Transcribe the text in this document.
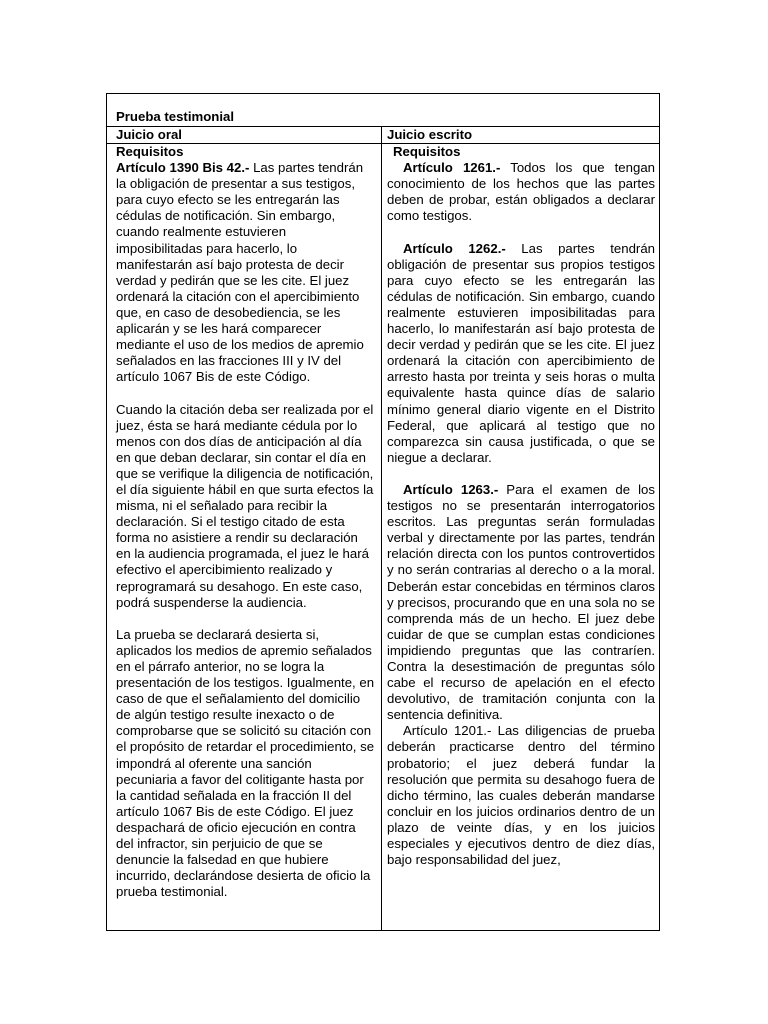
Prueba testimonial
Juicio oral	Juicio escrito

Requisitos

Artículo 1390 Bis 42.- Las partes tendrán la obligación de presentar a sus testigos, para cuyo efecto se les entregarán las cédulas de notificación. Sin embargo, cuando realmente estuvieren imposibilitadas para hacerlo, lo manifestarán así bajo protesta de decir verdad y pedirán que se les cite. El juez ordenará la citación con el apercibimiento que, en caso de desobediencia, se les aplicarán y se les hará comparecer mediante el uso de los medios de apremio señalados en las fracciones III y IV del artículo 1067 Bis de este Código.

Cuando la citación deba ser realizada por el juez, ésta se hará mediante cédula por lo menos con dos días de anticipación al día en que deban declarar, sin contar el día en que se verifique la diligencia de notificación, el día siguiente hábil en que surta efectos la misma, ni el señalado para recibir la declaración. Si el testigo citado de esta forma no asistiere a rendir su declaración en la audiencia programada, el juez le hará efectivo el apercibimiento realizado y reprogramará su desahogo. En este caso, podrá suspenderse la audiencia.

La prueba se declarará desierta si, aplicados los medios de apremio señalados en el párrafo anterior, no se logra la presentación de los testigos. Igualmente, en caso de que el señalamiento del domicilio de algún testigo resulte inexacto o de comprobarse que se solicitó su citación con el propósito de retardar el procedimiento, se impondrá al oferente una sanción pecuniaria a favor del colitigante hasta por la cantidad señalada en la fracción II del artículo 1067 Bis de este Código. El juez despachará de oficio ejecución en contra del infractor, sin perjuicio de que se denuncie la falsedad en que hubiere incurrido, declarándose desierta de oficio la prueba testimonial.

Requisitos

Artículo 1261.- Todos los que tengan conocimiento de los hechos que las partes deben de probar, están obligados a declarar como testigos.

Artículo 1262.- Las partes tendrán obligación de presentar sus propios testigos para cuyo efecto se les entregarán las cédulas de notificación. Sin embargo, cuando realmente estuvieren imposibilitadas para hacerlo, lo manifestarán así bajo protesta de decir verdad y pedirán que se les cite. El juez ordenará la citación con apercibimiento de arresto hasta por treinta y seis horas o multa equivalente hasta quince días de salario mínimo general diario vigente en el Distrito Federal, que aplicará al testigo que no comparezca sin causa justificada, o que se niegue a declarar.

Artículo 1263.- Para el examen de los testigos no se presentarán interrogatorios escritos. Las preguntas serán formuladas verbal y directamente por las partes, tendrán relación directa con los puntos controvertidos y no serán contrarias al derecho o a la moral. Deberán estar concebidas en términos claros y precisos, procurando que en una sola no se comprenda más de un hecho. El juez debe cuidar de que se cumplan estas condiciones impidiendo preguntas que las contraríen. Contra la desestimación de preguntas sólo cabe el recurso de apelación en el efecto devolutivo, de tramitación conjunta con la sentencia definitiva.

Artículo 1201.- Las diligencias de prueba deberán practicarse dentro del término probatorio; el juez deberá fundar la resolución que permita su desahogo fuera de dicho término, las cuales deberán mandarse concluir en los juicios ordinarios dentro de un plazo de veinte días, y en los juicios especiales y ejecutivos dentro de diez días, bajo responsabilidad del juez,
